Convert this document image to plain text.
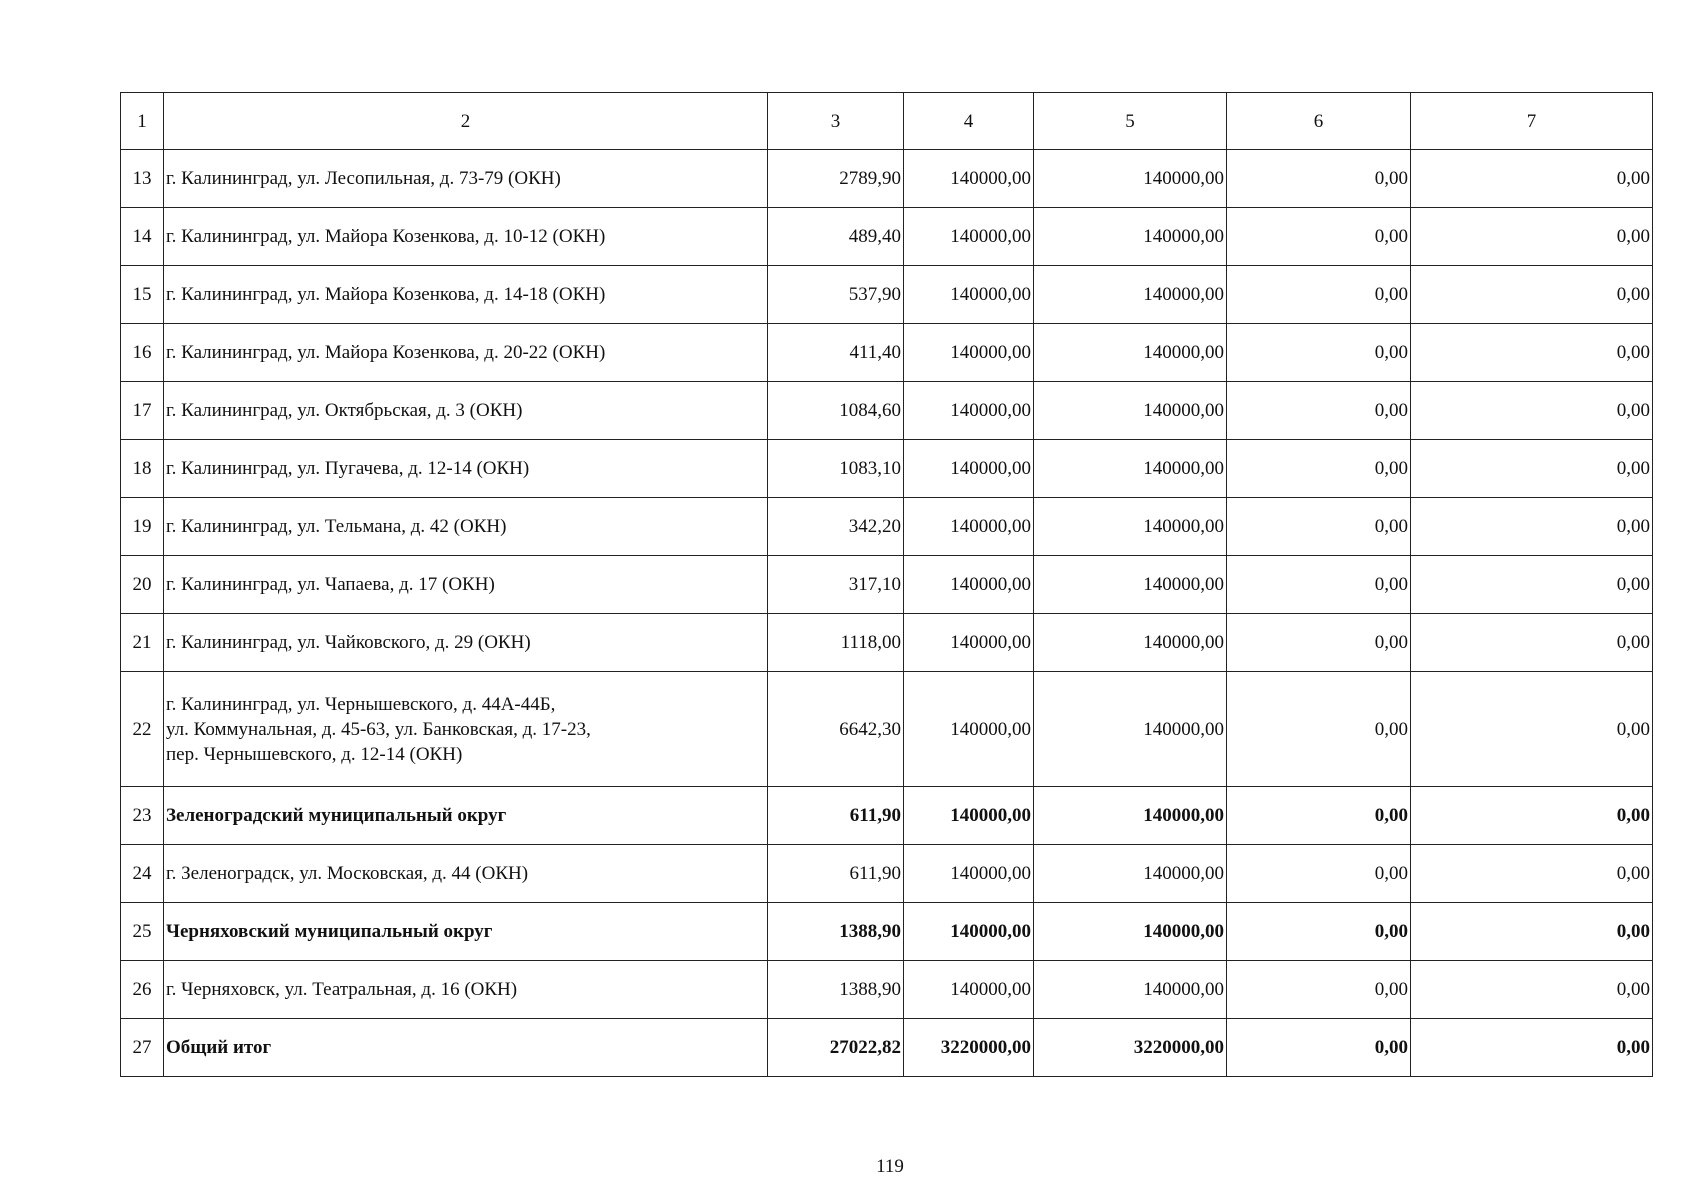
1	2	3	4	5	6	7
13	г. Калининград, ул. Лесопильная, д. 73-79 (ОКН)	2789,90	140000,00	140000,00	0,00	0,00
14	г. Калининград, ул. Майора Козенкова, д. 10-12 (ОКН)	489,40	140000,00	140000,00	0,00	0,00
15	г. Калининград, ул. Майора Козенкова, д. 14-18 (ОКН)	537,90	140000,00	140000,00	0,00	0,00
16	г. Калининград, ул. Майора Козенкова, д. 20-22 (ОКН)	411,40	140000,00	140000,00	0,00	0,00
17	г. Калининград, ул. Октябрьская, д. 3 (ОКН)	1084,60	140000,00	140000,00	0,00	0,00
18	г. Калининград, ул. Пугачева, д. 12-14 (ОКН)	1083,10	140000,00	140000,00	0,00	0,00
19	г. Калининград, ул. Тельмана, д. 42 (ОКН)	342,20	140000,00	140000,00	0,00	0,00
20	г. Калининград, ул. Чапаева, д. 17 (ОКН)	317,10	140000,00	140000,00	0,00	0,00
21	г. Калининград, ул. Чайковского, д. 29 (ОКН)	1118,00	140000,00	140000,00	0,00	0,00
22	г. Калининград, ул. Чернышевского, д. 44А-44Б,
ул. Коммунальная, д. 45-63, ул. Банковская, д. 17-23,
пер. Чернышевского, д. 12-14 (ОКН)	6642,30	140000,00	140000,00	0,00	0,00
23	Зеленоградский муниципальный округ	611,90	140000,00	140000,00	0,00	0,00
24	г. Зеленоградск, ул. Московская, д. 44 (ОКН)	611,90	140000,00	140000,00	0,00	0,00
25	Черняховский муниципальный округ	1388,90	140000,00	140000,00	0,00	0,00
26	г. Черняховск, ул. Театральная, д. 16 (ОКН)	1388,90	140000,00	140000,00	0,00	0,00
27	Общий итог	27022,82	3220000,00	3220000,00	0,00	0,00
119
